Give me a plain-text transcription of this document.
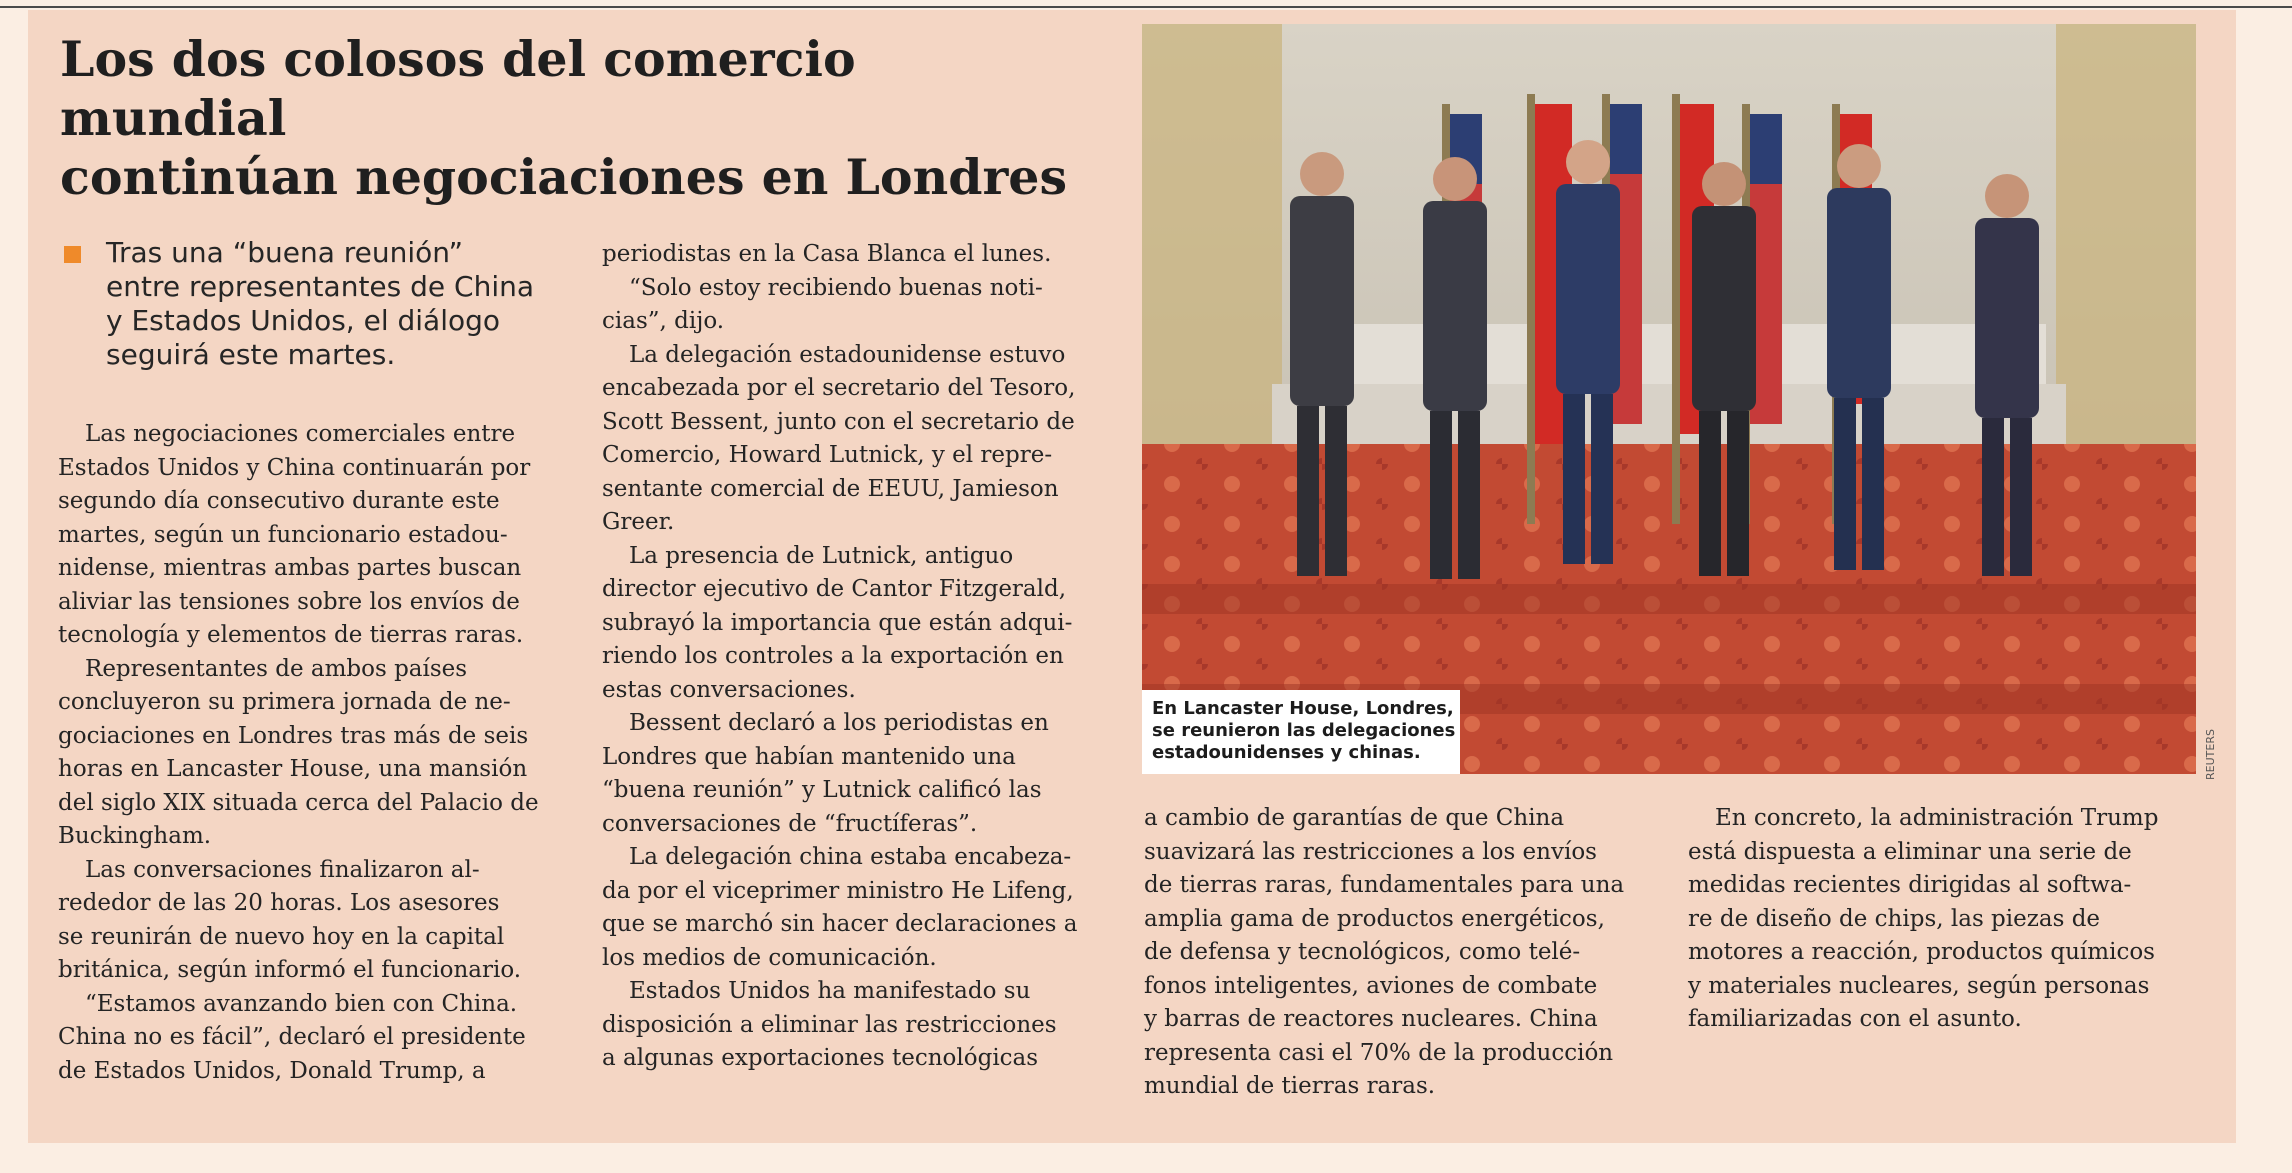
Los dos colosos del comercio mundial
continúan negociaciones en Londres
Tras una “buena reunión”
entre representantes de China
y Estados Unidos, el diálogo
seguirá este martes.

Las negociaciones comerciales entre
Estados Unidos y China continuarán por
segundo día consecutivo durante este
martes, según un funcionario estadou-
nidense, mientras ambas partes buscan
aliviar las tensiones sobre los envíos de
tecnología y elementos de tierras raras.

Representantes de ambos países
concluyeron su primera jornada de ne-
gociaciones en Londres tras más de seis
horas en Lancaster House, una mansión
del siglo XIX situada cerca del Palacio de
Buckingham.

Las conversaciones finalizaron al-
rededor de las 20 horas. Los asesores
se reunirán de nuevo hoy en la capital
británica, según informó el funcionario.

“Estamos avanzando bien con China.
China no es fácil”, declaró el presidente
de Estados Unidos, Donald Trump, a

periodistas en la Casa Blanca el lunes.

“Solo estoy recibiendo buenas noti-
cias”, dijo.

La delegación estadounidense estuvo
encabezada por el secretario del Tesoro,
Scott Bessent, junto con el secretario de
Comercio, Howard Lutnick, y el repre-
sentante comercial de EEUU, Jamieson
Greer.

La presencia de Lutnick, antiguo
director ejecutivo de Cantor Fitzgerald,
subrayó la importancia que están adqui-
riendo los controles a la exportación en
estas conversaciones.

Bessent declaró a los periodistas en
Londres que habían mantenido una
“buena reunión” y Lutnick calificó las
conversaciones de “fructíferas”.

La delegación china estaba encabeza-
da por el viceprimer ministro He Lifeng,
que se marchó sin hacer declaraciones a
los medios de comunicación.

Estados Unidos ha manifestado su
disposición a eliminar las restricciones
a algunas exportaciones tecnológicas

a cambio de garantías de que China
suavizará las restricciones a los envíos
de tierras raras, fundamentales para una
amplia gama de productos energéticos,
de defensa y tecnológicos, como telé-
fonos inteligentes, aviones de combate
y barras de reactores nucleares. China
representa casi el 70% de la producción
mundial de tierras raras.

En concreto, la administración Trump
está dispuesta a eliminar una serie de
medidas recientes dirigidas al softwa-
re de diseño de chips, las piezas de
motores a reacción, productos químicos
y materiales nucleares, según personas
familiarizadas con el asunto.

En Lancaster House, Londres,
se reunieron las delegaciones
estadounidenses y chinas.	REUTERS
